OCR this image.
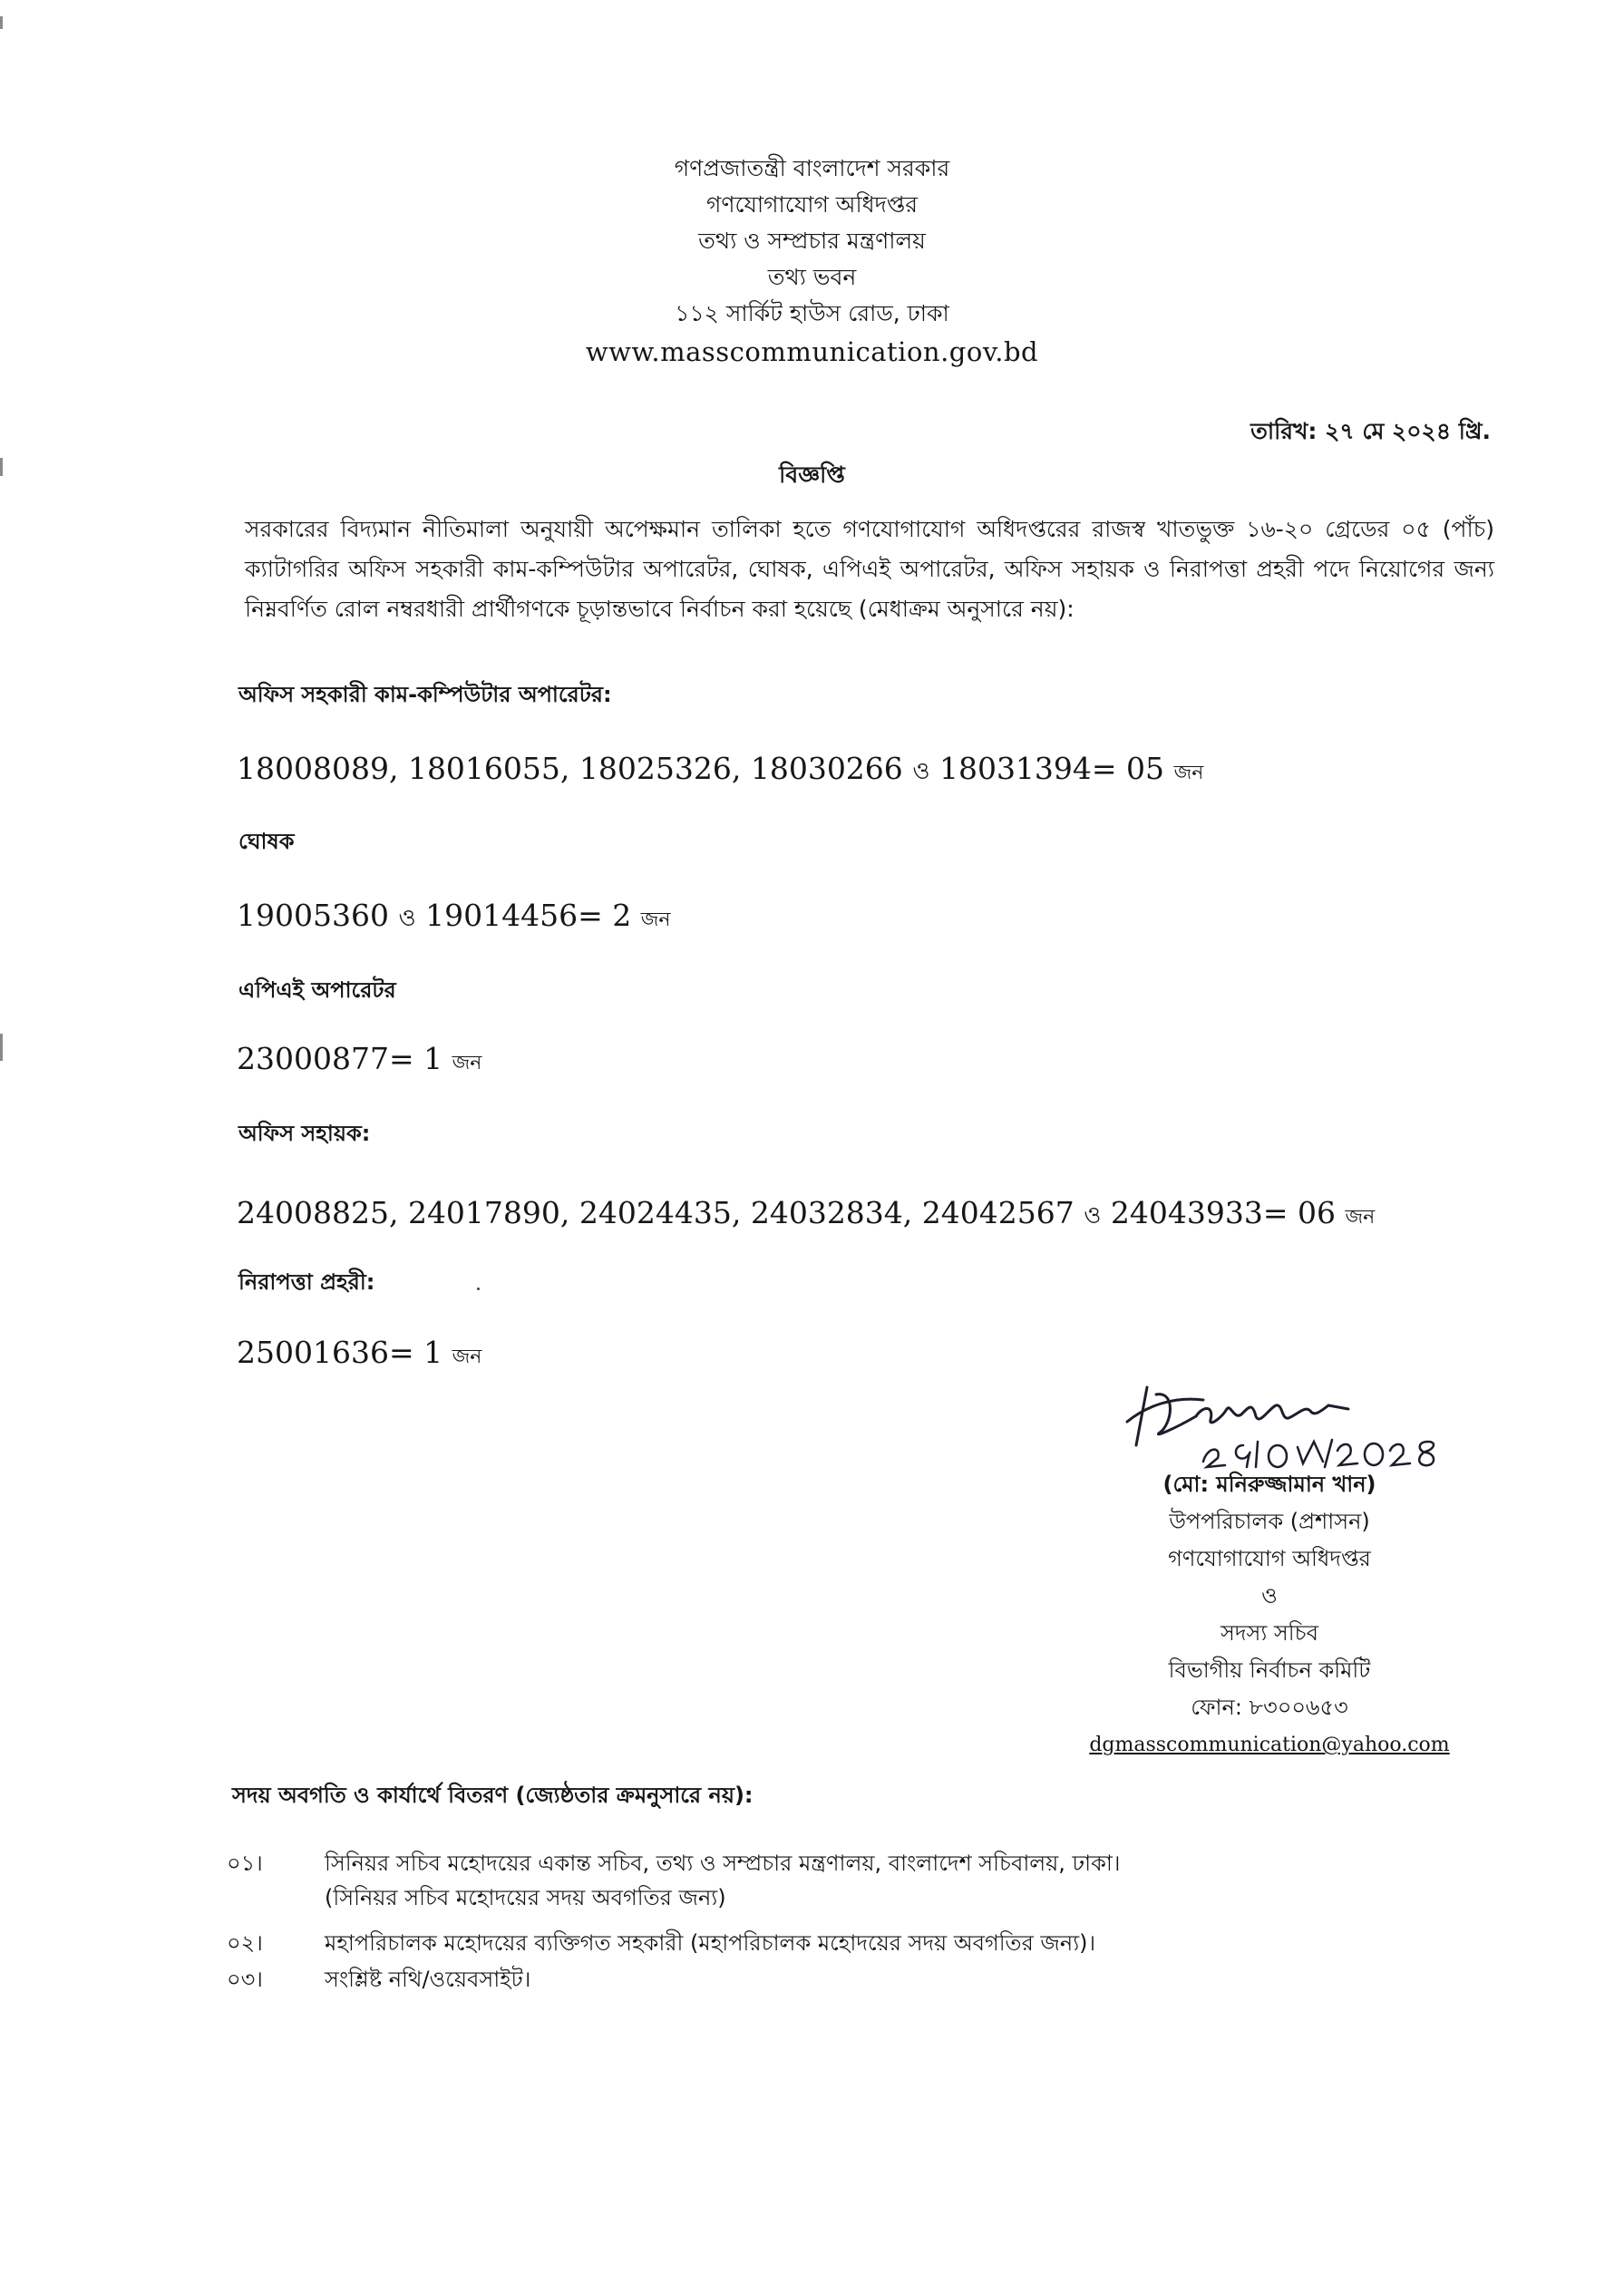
গণপ্রজাতন্ত্রী বাংলাদেশ সরকার
গণযোগাযোগ অধিদপ্তর
তথ্য ও সম্প্রচার মন্ত্রণালয়
তথ্য ভবন
১১২ সার্কিট হাউস রোড, ঢাকা
www.masscommunication.gov.bd
তারিখ: ২৭ মে ২০২৪ খ্রি.
বিজ্ঞপ্তি
সরকারের বিদ্যমান নীতিমালা অনুযায়ী অপেক্ষমান তালিকা হতে গণযোগাযোগ অধিদপ্তরের রাজস্ব খাতভুক্ত ১৬-২০ গ্রেডের ০৫ (পাঁচ) ক্যাটাগরির অফিস সহকারী কাম-কম্পিউটার অপারেটর, ঘোষক, এপিএই অপারেটর, অফিস সহায়ক ও নিরাপত্তা প্রহরী পদে নিয়োগের জন্য নিম্নবর্ণিত রোল নম্বরধারী প্রার্থীগণকে চূড়ান্তভাবে নির্বাচন করা হয়েছে (মেধাক্রম অনুসারে নয়):
অফিস সহকারী কাম-কম্পিউটার অপারেটর:
18008089, 18016055, 18025326, 18030266 ও 18031394= 05 জন
ঘোষক
19005360 ও 19014456= 2 জন
এপিএই অপারেটর
23000877= 1 জন
অফিস সহায়ক:
24008825, 24017890, 24024435, 24032834, 24042567 ও 24043933= 06 জন
নিরাপত্তা প্রহরী:
25001636= 1 জন
(মো: মনিরুজ্জামান খান)
উপপরিচালক (প্রশাসন)
গণযোগাযোগ অধিদপ্তর
ও
সদস্য সচিব
বিভাগীয় নির্বাচন কমিটি
ফোন: ৮৩০০৬৫৩
dgmasscommunication@yahoo.com
সদয় অবগতি ও কার্যার্থে বিতরণ (জ্যেষ্ঠতার ক্রমনুসারে নয়):
০১।	সিনিয়র সচিব মহোদয়ের একান্ত সচিব, তথ্য ও সম্প্রচার মন্ত্রণালয়, বাংলাদেশ সচিবালয়, ঢাকা।
(সিনিয়র সচিব মহোদয়ের সদয় অবগতির জন্য)
০২।	মহাপরিচালক মহোদয়ের ব্যক্তিগত সহকারী (মহাপরিচালক মহোদয়ের সদয় অবগতির জন্য)।
০৩।	সংশ্লিষ্ট নথি/ওয়েবসাইট।
